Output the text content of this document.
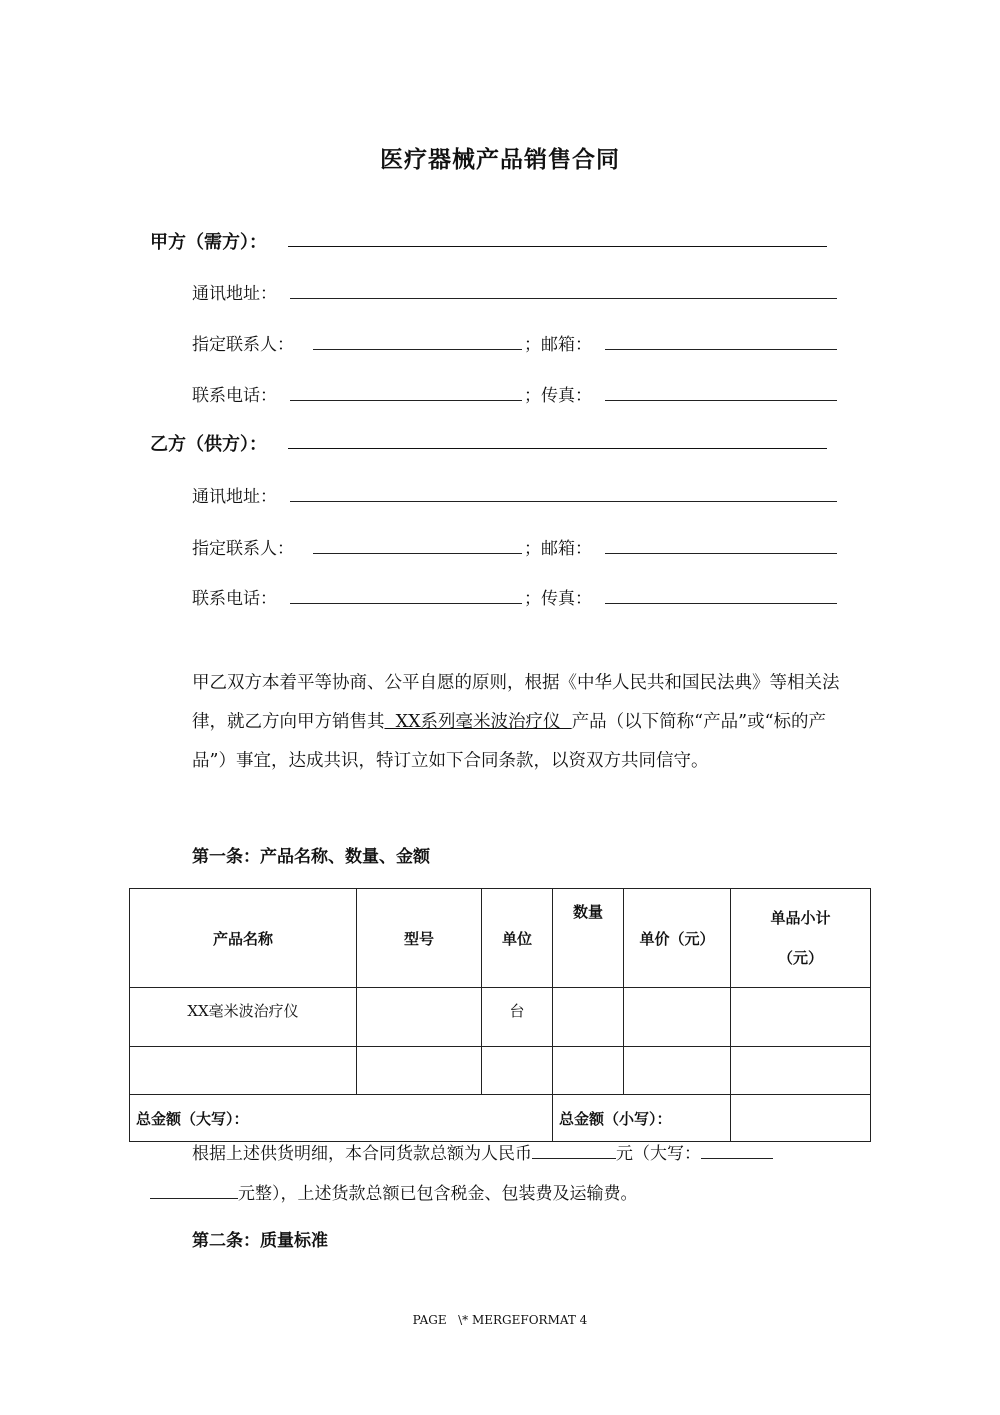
医疗器械产品销售合同
甲方（需方）：
通讯地址：
指定联系人：	；邮箱：
联系电话：	；传真：
乙方（供方）：
通讯地址：
指定联系人：	；邮箱：
联系电话：	；传真：

甲乙双方本着平等协商、公平自愿的原则，根据《中华人民共和国民法典》等相关法律，就乙方向甲方销售其  XX系列毫米波治疗仪  产品（以下简称“产品”或“标的产品”）事宜，达成共识，特订立如下合同条款，以资双方共同信守。

第一条：产品名称、数量、金额
产品名称	型号	单位	数量	单价（元）	单品小计
（元）
XX毫米波治疗仪		台			

总金额（大写）：			总金额（小写）：		
根据上述供货明细，本合同货款总额为人民币	元（大写：
元整），上述货款总额已包含税金、包装费及运输费。
第二条：质量标准
PAGE   \* MERGEFORMAT 4
